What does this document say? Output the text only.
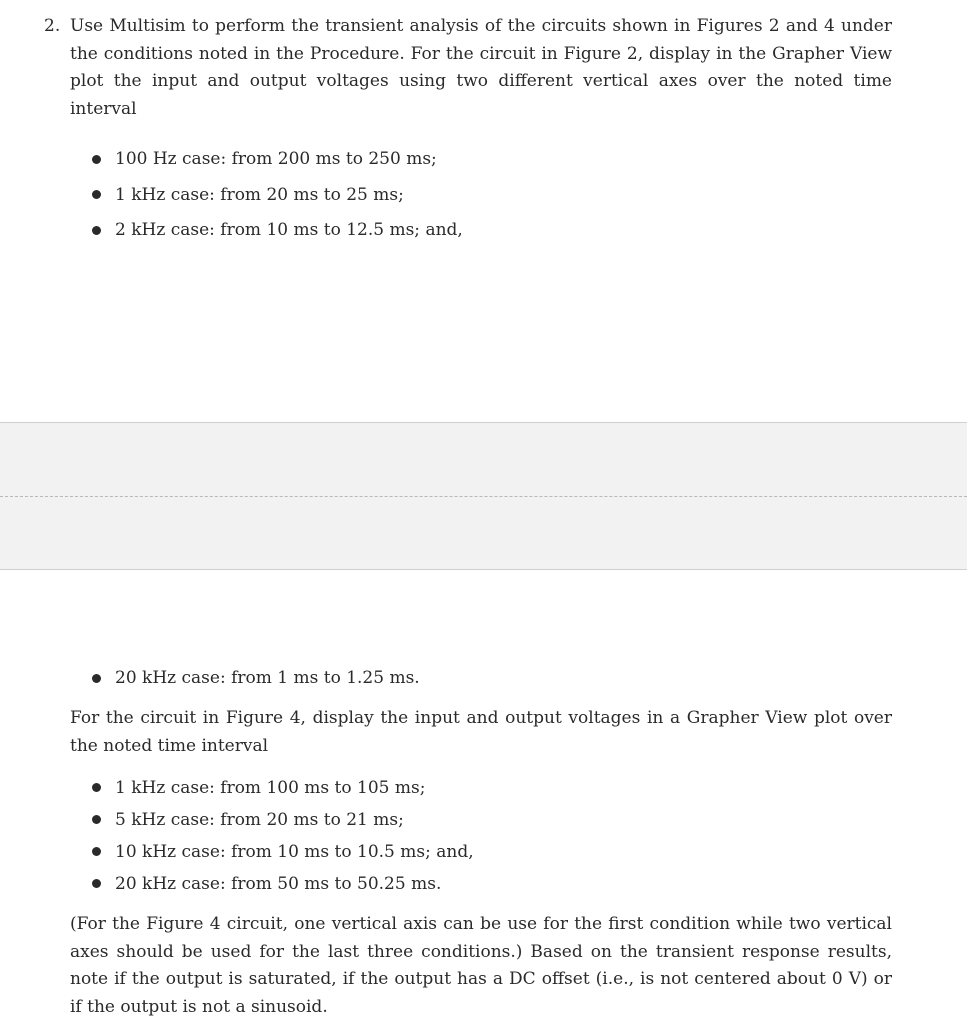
2. Use Multisim to perform the transient analysis of the circuits shown in Figures 2 and 4 under the conditions noted in the Procedure. For the circuit in Figure 2, display in the Grapher View plot the input and output voltages using two different vertical axes over the noted time interval
100 Hz case: from 200 ms to 250 ms;
1 kHz case: from 20 ms to 25 ms;
2 kHz case: from 10 ms to 12.5 ms; and,
20 kHz case: from 1 ms to 1.25 ms.
For the circuit in Figure 4, display the input and output voltages in a Grapher View plot over the noted time interval
1 kHz case: from 100 ms to 105 ms;
5 kHz case: from 20 ms to 21 ms;
10 kHz case: from 10 ms to 10.5 ms; and,
20 kHz case: from 50 ms to 50.25 ms.
(For the Figure 4 circuit, one vertical axis can be use for the first condition while two vertical axes should be used for the last three conditions.) Based on the transient response results, note if the output is saturated, if the output has a DC offset (i.e., is not centered about 0 V) or if the output is not a sinusoid.
